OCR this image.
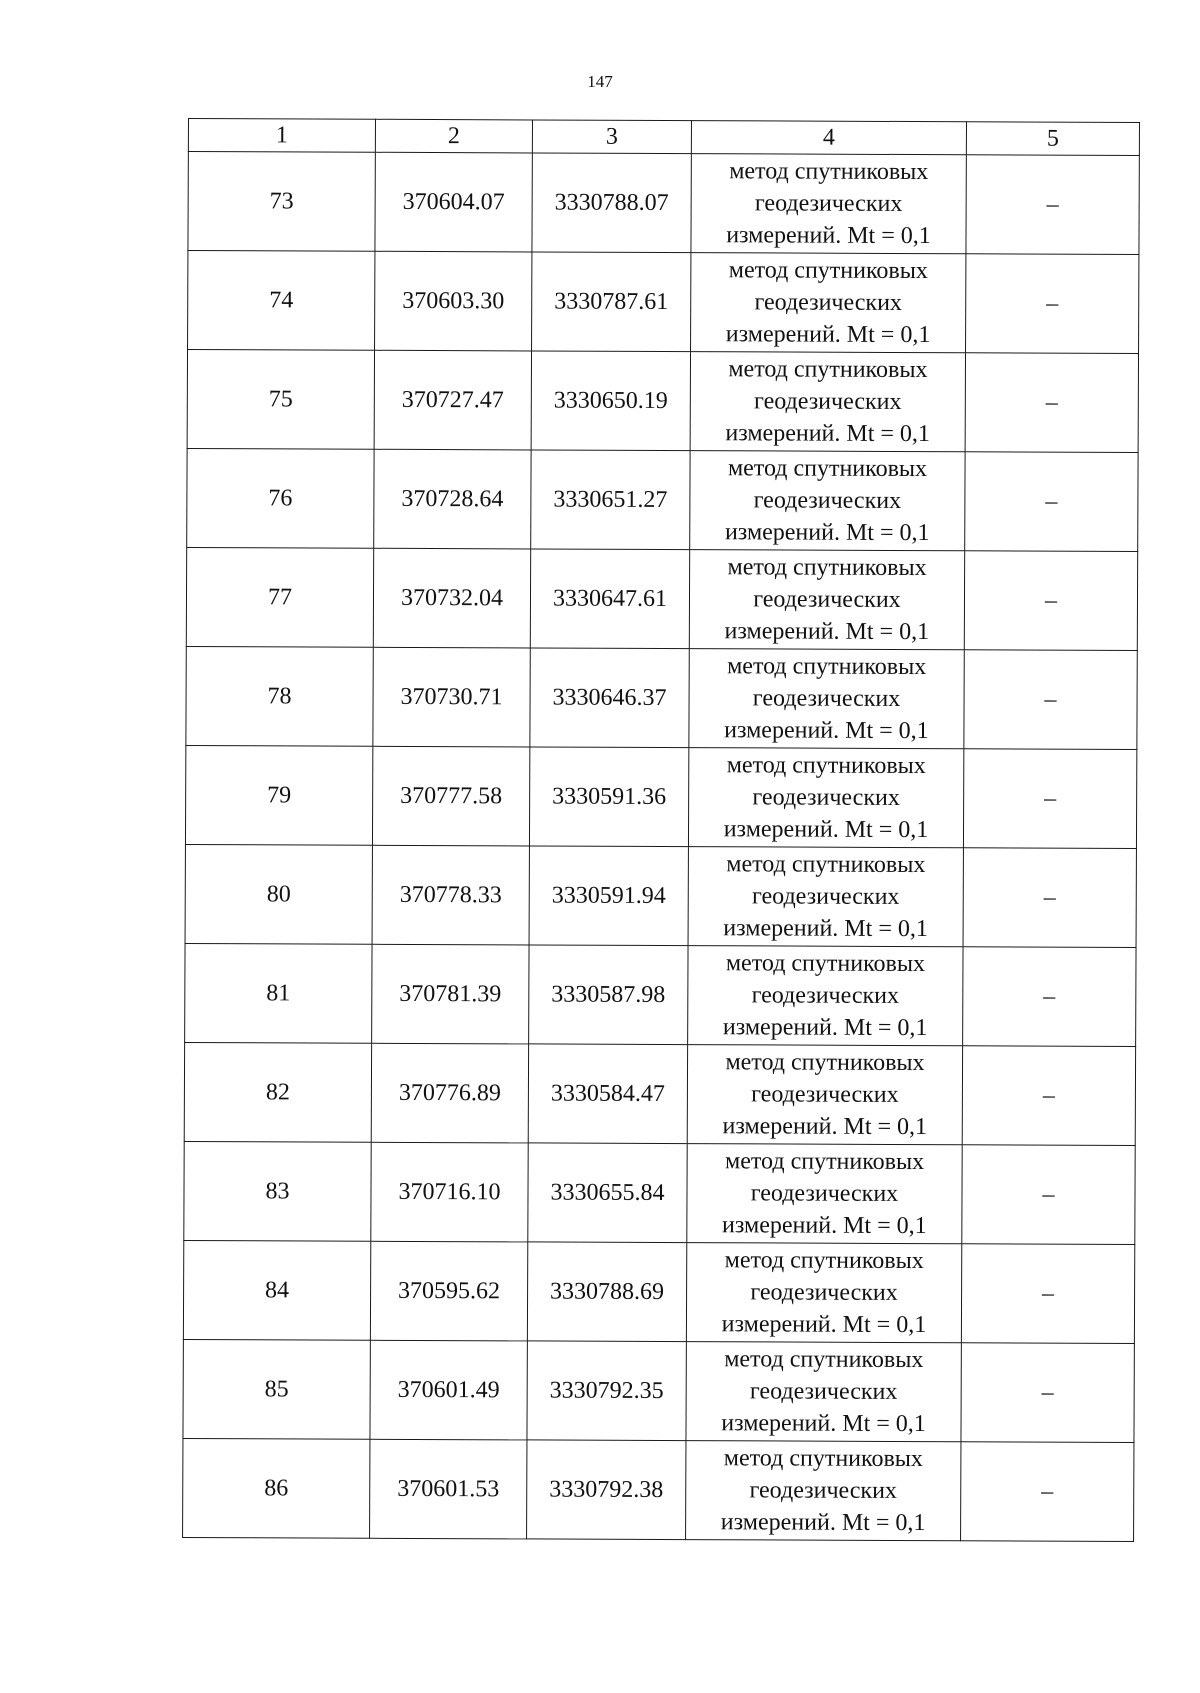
147
1	2	3	4	5
73	370604.07	3330788.07	метод спутниковых
геодезических
измерений. Mt = 0,1	–
74	370603.30	3330787.61	метод спутниковых
геодезических
измерений. Mt = 0,1	–
75	370727.47	3330650.19	метод спутниковых
геодезических
измерений. Mt = 0,1	–
76	370728.64	3330651.27	метод спутниковых
геодезических
измерений. Mt = 0,1	–
77	370732.04	3330647.61	метод спутниковых
геодезических
измерений. Mt = 0,1	–
78	370730.71	3330646.37	метод спутниковых
геодезических
измерений. Mt = 0,1	–
79	370777.58	3330591.36	метод спутниковых
геодезических
измерений. Mt = 0,1	–
80	370778.33	3330591.94	метод спутниковых
геодезических
измерений. Mt = 0,1	–
81	370781.39	3330587.98	метод спутниковых
геодезических
измерений. Mt = 0,1	–
82	370776.89	3330584.47	метод спутниковых
геодезических
измерений. Mt = 0,1	–
83	370716.10	3330655.84	метод спутниковых
геодезических
измерений. Mt = 0,1	–
84	370595.62	3330788.69	метод спутниковых
геодезических
измерений. Mt = 0,1	–
85	370601.49	3330792.35	метод спутниковых
геодезических
измерений. Mt = 0,1	–
86	370601.53	3330792.38	метод спутниковых
геодезических
измерений. Mt = 0,1	–
